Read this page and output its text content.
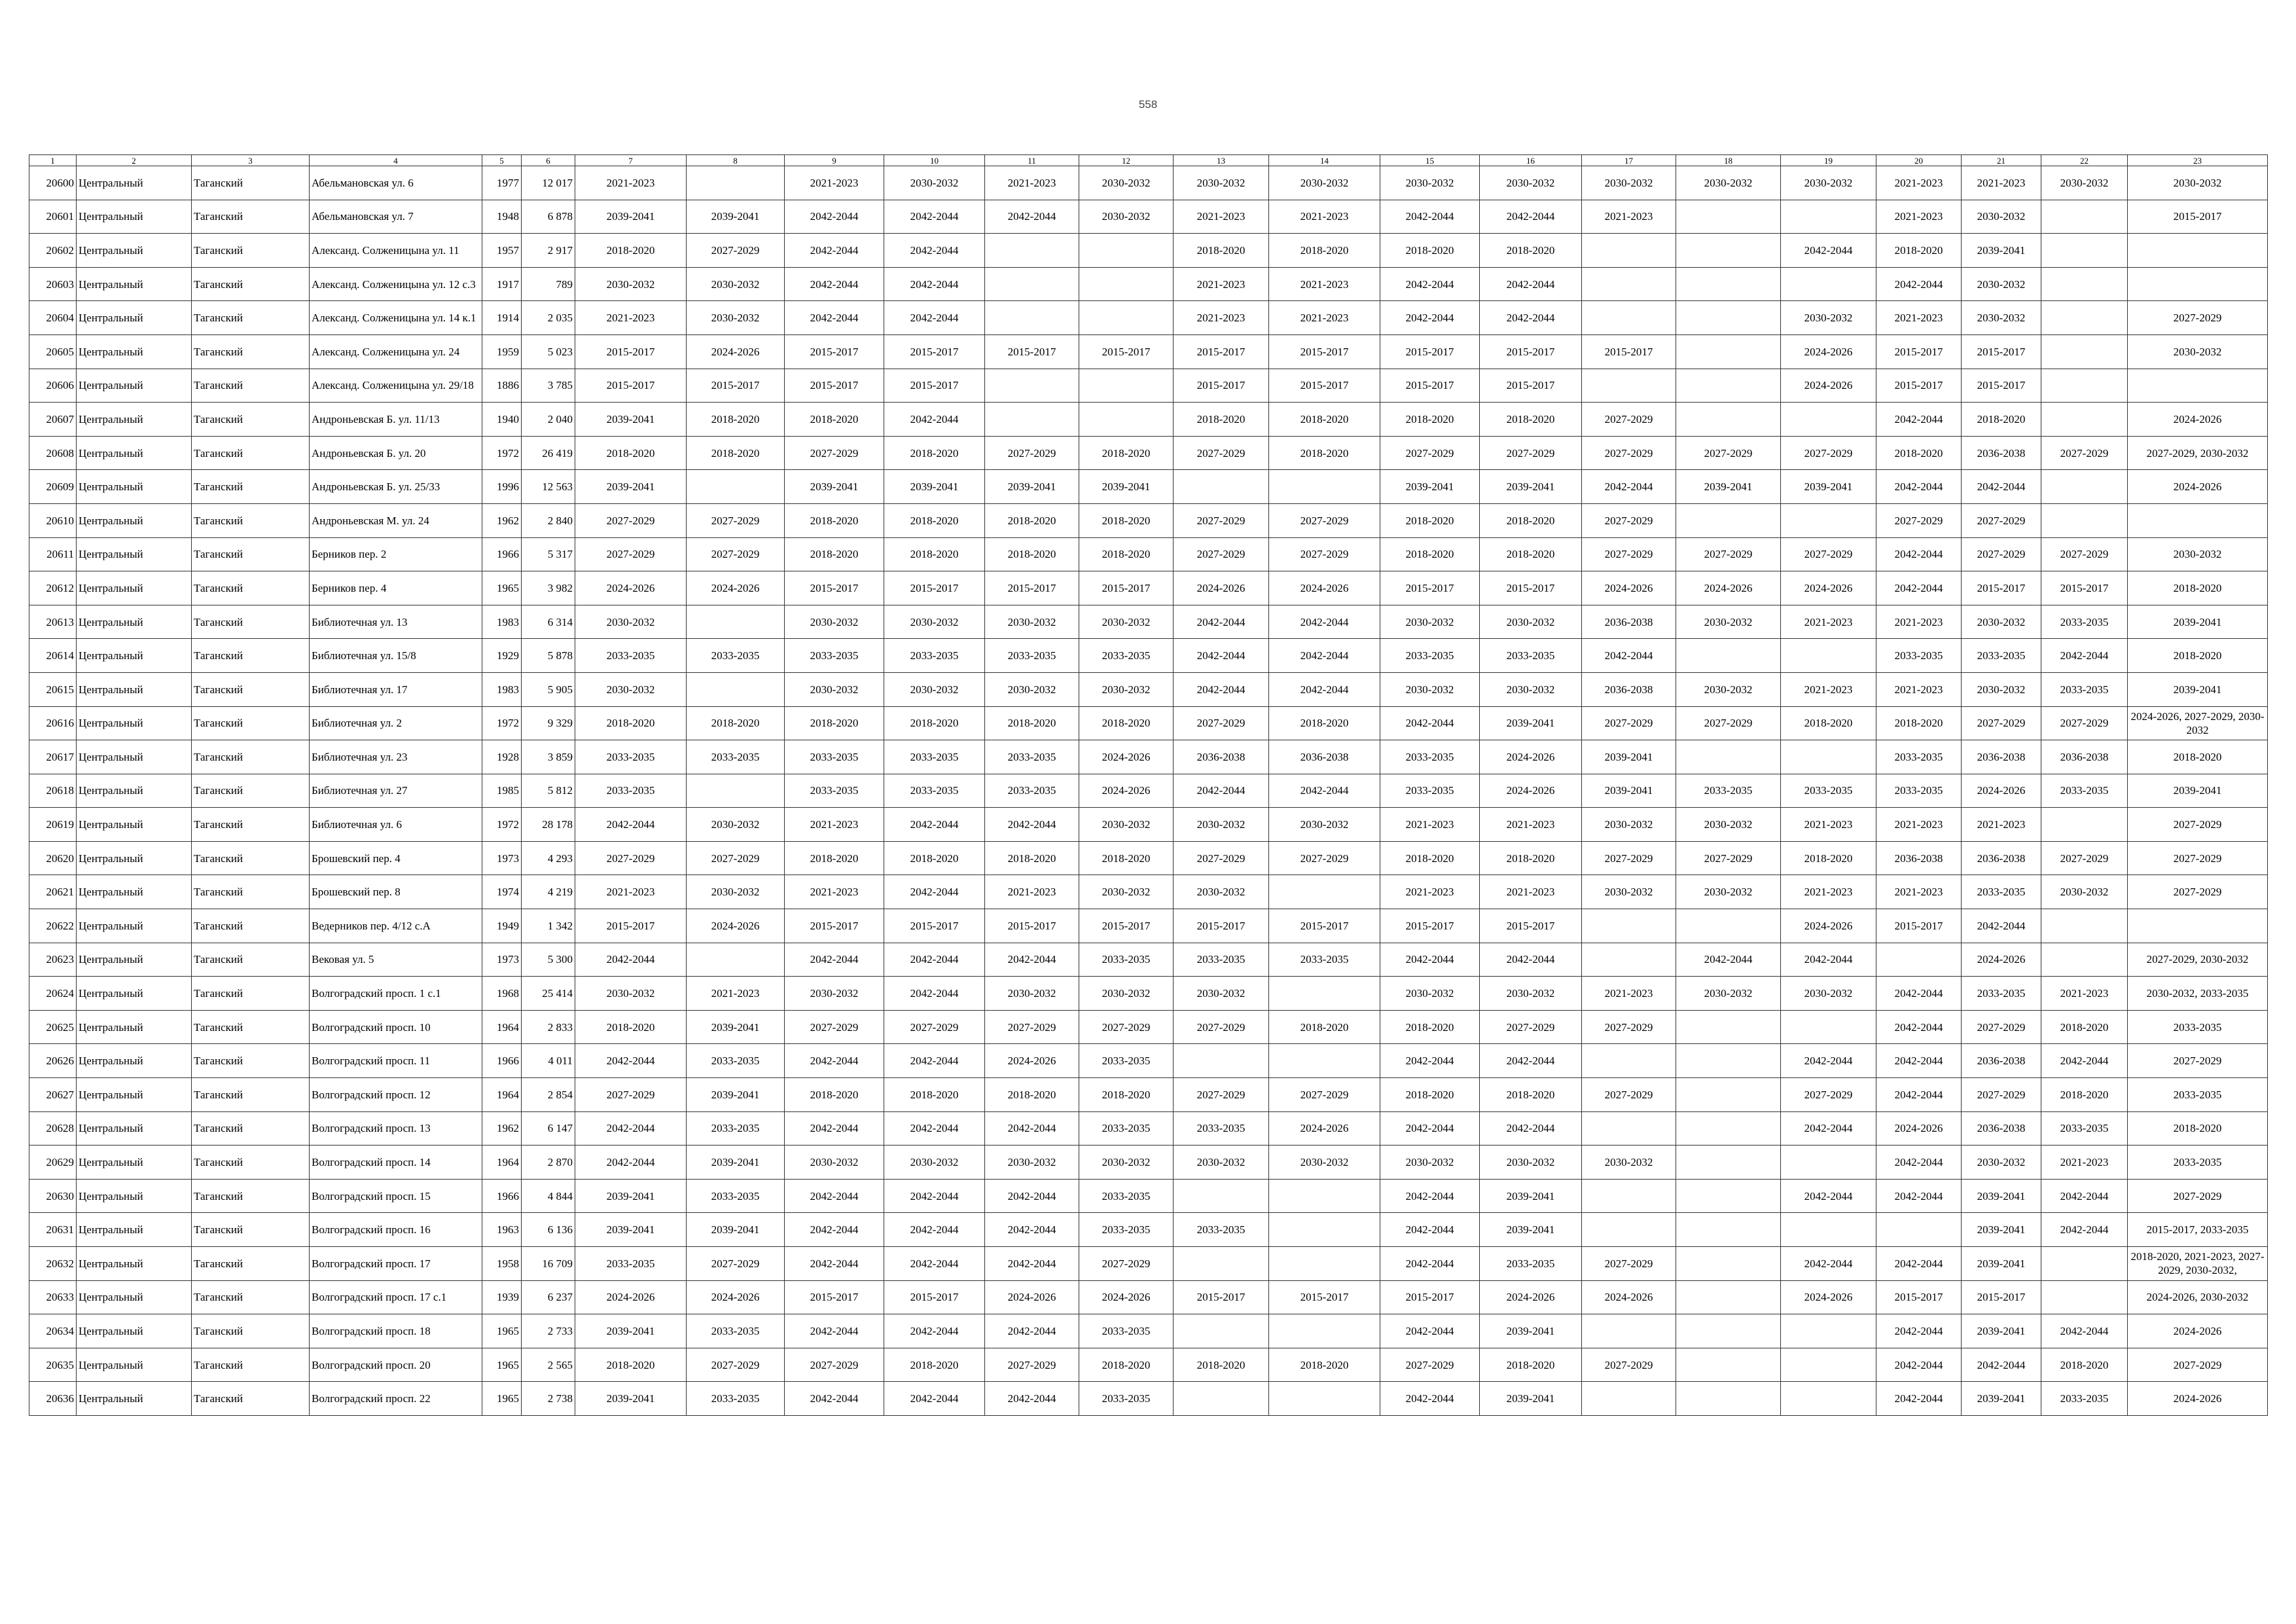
558
1	2	3	4	5	6	7	8	9	10	11	12	13	14	15	16	17	18	19	20	21	22	23
20600	Центральный	Таганский	Абельмановская ул. 6	1977	12 017	2021-2023		2021-2023	2030-2032	2021-2023	2030-2032	2030-2032	2030-2032	2030-2032	2030-2032	2030-2032	2030-2032	2030-2032	2021-2023	2021-2023	2030-2032	2030-2032
20601	Центральный	Таганский	Абельмановская ул. 7	1948	6 878	2039-2041	2039-2041	2042-2044	2042-2044	2042-2044	2030-2032	2021-2023	2021-2023	2042-2044	2042-2044	2021-2023			2021-2023	2030-2032		2015-2017
20602	Центральный	Таганский	Александ. Солженицына ул. 11	1957	2 917	2018-2020	2027-2029	2042-2044	2042-2044			2018-2020	2018-2020	2018-2020	2018-2020			2042-2044	2018-2020	2039-2041		
20603	Центральный	Таганский	Александ. Солженицына ул. 12 с.3	1917	789	2030-2032	2030-2032	2042-2044	2042-2044			2021-2023	2021-2023	2042-2044	2042-2044				2042-2044	2030-2032		
20604	Центральный	Таганский	Александ. Солженицына ул. 14 к.1	1914	2 035	2021-2023	2030-2032	2042-2044	2042-2044			2021-2023	2021-2023	2042-2044	2042-2044			2030-2032	2021-2023	2030-2032		2027-2029
20605	Центральный	Таганский	Александ. Солженицына ул. 24	1959	5 023	2015-2017	2024-2026	2015-2017	2015-2017	2015-2017	2015-2017	2015-2017	2015-2017	2015-2017	2015-2017	2015-2017		2024-2026	2015-2017	2015-2017		2030-2032
20606	Центральный	Таганский	Александ. Солженицына ул. 29/18	1886	3 785	2015-2017	2015-2017	2015-2017	2015-2017			2015-2017	2015-2017	2015-2017	2015-2017			2024-2026	2015-2017	2015-2017		
20607	Центральный	Таганский	Андроньевская Б. ул. 11/13	1940	2 040	2039-2041	2018-2020	2018-2020	2042-2044			2018-2020	2018-2020	2018-2020	2018-2020	2027-2029			2042-2044	2018-2020		2024-2026
20608	Центральный	Таганский	Андроньевская Б. ул. 20	1972	26 419	2018-2020	2018-2020	2027-2029	2018-2020	2027-2029	2018-2020	2027-2029	2018-2020	2027-2029	2027-2029	2027-2029	2027-2029	2027-2029	2018-2020	2036-2038	2027-2029	2027-2029, 2030-2032
20609	Центральный	Таганский	Андроньевская Б. ул. 25/33	1996	12 563	2039-2041		2039-2041	2039-2041	2039-2041	2039-2041			2039-2041	2039-2041	2042-2044	2039-2041	2039-2041	2042-2044	2042-2044		2024-2026
20610	Центральный	Таганский	Андроньевская М. ул. 24	1962	2 840	2027-2029	2027-2029	2018-2020	2018-2020	2018-2020	2018-2020	2027-2029	2027-2029	2018-2020	2018-2020	2027-2029			2027-2029	2027-2029		
20611	Центральный	Таганский	Берников пер. 2	1966	5 317	2027-2029	2027-2029	2018-2020	2018-2020	2018-2020	2018-2020	2027-2029	2027-2029	2018-2020	2018-2020	2027-2029	2027-2029	2027-2029	2042-2044	2027-2029	2027-2029	2030-2032
20612	Центральный	Таганский	Берников пер. 4	1965	3 982	2024-2026	2024-2026	2015-2017	2015-2017	2015-2017	2015-2017	2024-2026	2024-2026	2015-2017	2015-2017	2024-2026	2024-2026	2024-2026	2042-2044	2015-2017	2015-2017	2018-2020
20613	Центральный	Таганский	Библиотечная ул. 13	1983	6 314	2030-2032		2030-2032	2030-2032	2030-2032	2030-2032	2042-2044	2042-2044	2030-2032	2030-2032	2036-2038	2030-2032	2021-2023	2021-2023	2030-2032	2033-2035	2039-2041
20614	Центральный	Таганский	Библиотечная ул. 15/8	1929	5 878	2033-2035	2033-2035	2033-2035	2033-2035	2033-2035	2033-2035	2042-2044	2042-2044	2033-2035	2033-2035	2042-2044			2033-2035	2033-2035	2042-2044	2018-2020
20615	Центральный	Таганский	Библиотечная ул. 17	1983	5 905	2030-2032		2030-2032	2030-2032	2030-2032	2030-2032	2042-2044	2042-2044	2030-2032	2030-2032	2036-2038	2030-2032	2021-2023	2021-2023	2030-2032	2033-2035	2039-2041
20616	Центральный	Таганский	Библиотечная ул. 2	1972	9 329	2018-2020	2018-2020	2018-2020	2018-2020	2018-2020	2018-2020	2027-2029	2018-2020	2042-2044	2039-2041	2027-2029	2027-2029	2018-2020	2018-2020	2027-2029	2027-2029	2024-2026, 2027-2029, 2030-2032
20617	Центральный	Таганский	Библиотечная ул. 23	1928	3 859	2033-2035	2033-2035	2033-2035	2033-2035	2033-2035	2024-2026	2036-2038	2036-2038	2033-2035	2024-2026	2039-2041			2033-2035	2036-2038	2036-2038	2018-2020
20618	Центральный	Таганский	Библиотечная ул. 27	1985	5 812	2033-2035		2033-2035	2033-2035	2033-2035	2024-2026	2042-2044	2042-2044	2033-2035	2024-2026	2039-2041	2033-2035	2033-2035	2033-2035	2024-2026	2033-2035	2039-2041
20619	Центральный	Таганский	Библиотечная ул. 6	1972	28 178	2042-2044	2030-2032	2021-2023	2042-2044	2042-2044	2030-2032	2030-2032	2030-2032	2021-2023	2021-2023	2030-2032	2030-2032	2021-2023	2021-2023	2021-2023		2027-2029
20620	Центральный	Таганский	Брошевский пер. 4	1973	4 293	2027-2029	2027-2029	2018-2020	2018-2020	2018-2020	2018-2020	2027-2029	2027-2029	2018-2020	2018-2020	2027-2029	2027-2029	2018-2020	2036-2038	2036-2038	2027-2029	2027-2029
20621	Центральный	Таганский	Брошевский пер. 8	1974	4 219	2021-2023	2030-2032	2021-2023	2042-2044	2021-2023	2030-2032	2030-2032		2021-2023	2021-2023	2030-2032	2030-2032	2021-2023	2021-2023	2033-2035	2030-2032	2027-2029
20622	Центральный	Таганский	Ведерников пер. 4/12 с.А	1949	1 342	2015-2017	2024-2026	2015-2017	2015-2017	2015-2017	2015-2017	2015-2017	2015-2017	2015-2017	2015-2017			2024-2026	2015-2017	2042-2044		
20623	Центральный	Таганский	Вековая ул. 5	1973	5 300	2042-2044		2042-2044	2042-2044	2042-2044	2033-2035	2033-2035	2033-2035	2042-2044	2042-2044		2042-2044	2042-2044		2024-2026		2027-2029, 2030-2032
20624	Центральный	Таганский	Волгоградский просп. 1 с.1	1968	25 414	2030-2032	2021-2023	2030-2032	2042-2044	2030-2032	2030-2032	2030-2032		2030-2032	2030-2032	2021-2023	2030-2032	2030-2032	2042-2044	2033-2035	2021-2023	2030-2032, 2033-2035
20625	Центральный	Таганский	Волгоградский просп. 10	1964	2 833	2018-2020	2039-2041	2027-2029	2027-2029	2027-2029	2027-2029	2027-2029	2018-2020	2018-2020	2027-2029	2027-2029			2042-2044	2027-2029	2018-2020	2033-2035
20626	Центральный	Таганский	Волгоградский просп. 11	1966	4 011	2042-2044	2033-2035	2042-2044	2042-2044	2024-2026	2033-2035			2042-2044	2042-2044			2042-2044	2042-2044	2036-2038	2042-2044	2027-2029
20627	Центральный	Таганский	Волгоградский просп. 12	1964	2 854	2027-2029	2039-2041	2018-2020	2018-2020	2018-2020	2018-2020	2027-2029	2027-2029	2018-2020	2018-2020	2027-2029		2027-2029	2042-2044	2027-2029	2018-2020	2033-2035
20628	Центральный	Таганский	Волгоградский просп. 13	1962	6 147	2042-2044	2033-2035	2042-2044	2042-2044	2042-2044	2033-2035	2033-2035	2024-2026	2042-2044	2042-2044			2042-2044	2024-2026	2036-2038	2033-2035	2018-2020
20629	Центральный	Таганский	Волгоградский просп. 14	1964	2 870	2042-2044	2039-2041	2030-2032	2030-2032	2030-2032	2030-2032	2030-2032	2030-2032	2030-2032	2030-2032	2030-2032			2042-2044	2030-2032	2021-2023	2033-2035
20630	Центральный	Таганский	Волгоградский просп. 15	1966	4 844	2039-2041	2033-2035	2042-2044	2042-2044	2042-2044	2033-2035			2042-2044	2039-2041			2042-2044	2042-2044	2039-2041	2042-2044	2027-2029
20631	Центральный	Таганский	Волгоградский просп. 16	1963	6 136	2039-2041	2039-2041	2042-2044	2042-2044	2042-2044	2033-2035	2033-2035		2042-2044	2039-2041					2039-2041	2042-2044	2015-2017, 2033-2035
20632	Центральный	Таганский	Волгоградский просп. 17	1958	16 709	2033-2035	2027-2029	2042-2044	2042-2044	2042-2044	2027-2029			2042-2044	2033-2035	2027-2029		2042-2044	2042-2044	2039-2041		2018-2020, 2021-2023, 2027-2029, 2030-2032,
20633	Центральный	Таганский	Волгоградский просп. 17 с.1	1939	6 237	2024-2026	2024-2026	2015-2017	2015-2017	2024-2026	2024-2026	2015-2017	2015-2017	2015-2017	2024-2026	2024-2026		2024-2026	2015-2017	2015-2017		2024-2026, 2030-2032
20634	Центральный	Таганский	Волгоградский просп. 18	1965	2 733	2039-2041	2033-2035	2042-2044	2042-2044	2042-2044	2033-2035			2042-2044	2039-2041				2042-2044	2039-2041	2042-2044	2024-2026
20635	Центральный	Таганский	Волгоградский просп. 20	1965	2 565	2018-2020	2027-2029	2027-2029	2018-2020	2027-2029	2018-2020	2018-2020	2018-2020	2027-2029	2018-2020	2027-2029			2042-2044	2042-2044	2018-2020	2027-2029
20636	Центральный	Таганский	Волгоградский просп. 22	1965	2 738	2039-2041	2033-2035	2042-2044	2042-2044	2042-2044	2033-2035			2042-2044	2039-2041				2042-2044	2039-2041	2033-2035	2024-2026
